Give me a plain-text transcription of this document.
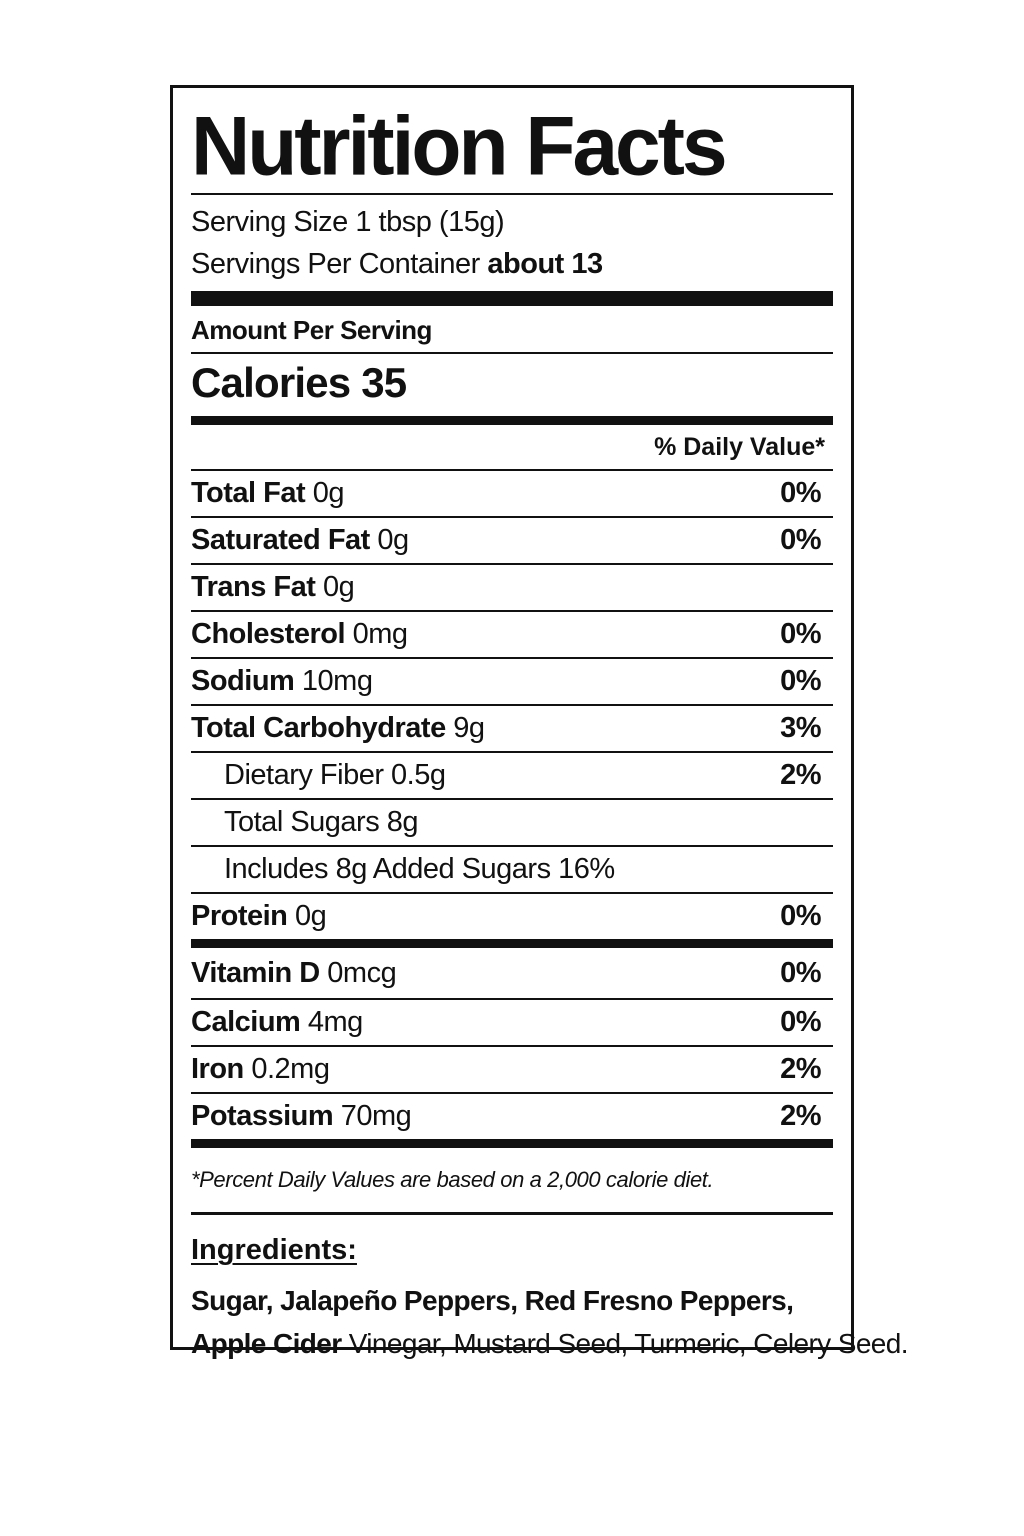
Nutrition Facts
Serving Size 1 tbsp (15g)
Servings Per Container about 13
Amount Per Serving
Calories 35
% Daily Value*
Total Fat 0g	0%
Saturated Fat 0g	0%
Trans Fat 0g
Cholesterol 0mg	0%
Sodium 10mg	0%
Total Carbohydrate 9g	3%
Dietary Fiber 0.5g	2%
Total Sugars 8g
Includes 8g Added Sugars 16%
Protein 0g	0%
Vitamin D 0mcg	0%
Calcium 4mg	0%
Iron 0.2mg	2%
Potassium 70mg	2%
*Percent Daily Values are based on a 2,000 calorie diet.
Ingredients:
Sugar, Jalapeño Peppers, Red Fresno Peppers,
Apple Cider Vinegar, Mustard Seed, Turmeric, Celery Seed.
